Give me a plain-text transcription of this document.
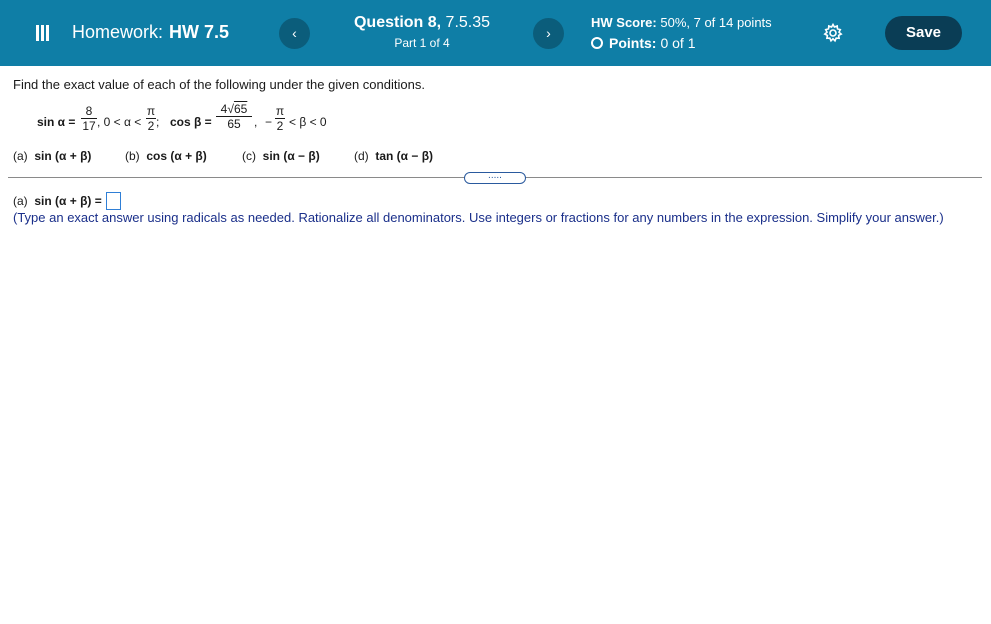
Homework: HW 7.5	‹
Question 8, 7.5.35
Part 1 of 4
›
HW Score: 50%, 7 of 14 points
Points: 0 of 1
Save
Find the exact value of each of the following under the given conditions.
$\sin \alpha = \frac{8}{17}$ , $0 < \alpha < \frac{\pi}{2}$ ; $\cos \beta = \frac{4√65}{65}$ , − $\frac{\pi}{2} < \beta < 0$
(a) sin (α + β)	(b) cos (α + β)	(c) sin (α − β)	(d) tan (α − β)
.....
(a)
sin (α + β) =
(Type an exact answer using radicals as needed. Rationalize all denominators. Use integers or fractions for any numbers in the expression. Simplify your answer.)
